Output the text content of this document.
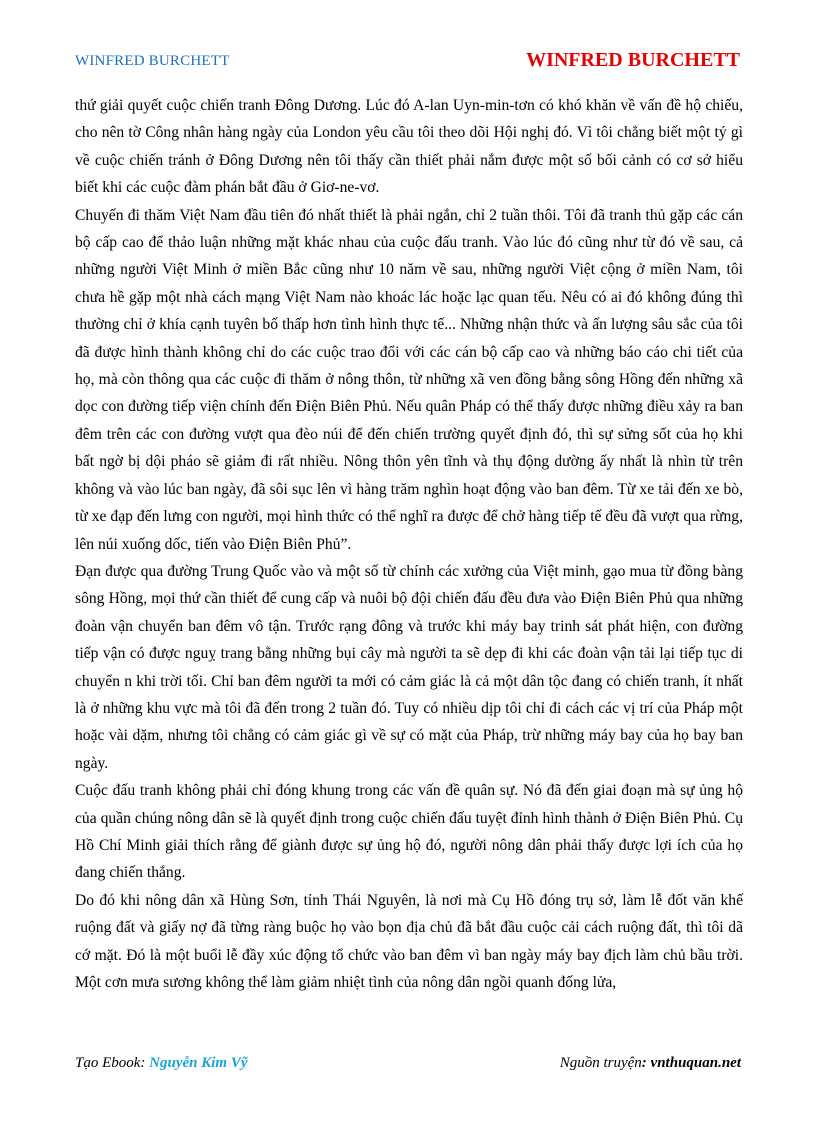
WINFRED BURCHETT	WINFRED BURCHETT

thứ giải quyết cuộc chiến tranh Đông Dương. Lúc đó A-lan Uyn-min-tơn có khó khăn về vấn đề hộ chiếu, cho nên tờ Công nhân hàng ngày của London yêu cầu tôi theo dõi Hội nghị đó. Vì tôi chẳng biết một tý gì về cuộc chiến tránh ở Đông Dương nên tôi thấy cần thiết phải nắm được một số bối cảnh có cơ sở hiểu biết khi các cuộc đàm phán bắt đầu ở Giơ-ne-vơ.

Chuyến đi thăm Việt Nam đầu tiên đó nhất thiết là phải ngắn, chỉ 2 tuần thôi. Tôi đã tranh thủ gặp các cán bộ cấp cao để thảo luận những mặt khác nhau của cuộc đấu tranh. Vào lúc đó cũng như từ đó về sau, cả những người Việt Minh ở miền Bắc cũng như 10 năm về sau, những người Việt cộng ở miền Nam, tôi chưa hề gặp một nhà cách mạng Việt Nam nào khoác lác hoặc lạc quan tếu. Nêu có ai đó không đúng thì thường chỉ ở khía cạnh tuyên bố thấp hơn tình hình thực tế... Những nhận thức và ấn lượng sâu sắc của tôi đã được hình thành không chỉ do các cuộc trao đổi với các cán bộ cấp cao và những báo cáo chi tiết của họ, mà còn thông qua các cuộc đi thăm ở nông thôn, từ những xã ven đồng bằng sông Hồng đến những xã dọc con đường tiếp viện chính đến Điện Biên Phủ. Nếu quân Pháp có thể thấy được những điều xảy ra ban đêm trên các con đường vượt qua đèo núi để đến chiến trường quyết định đó, thì sự sửng sốt của họ khi bất ngờ bị dội pháo sẽ giảm đi rất nhiều. Nông thôn yên tĩnh và thụ động dường ấy nhất là nhìn từ trên không và vào lúc ban ngày, đã sôi sục lên vì hàng trăm nghìn hoạt động vào ban đêm. Từ xe tải đến xe bò, từ xe đạp đến lưng con người, mọi hình thức có thể nghĩ ra được để chở hàng tiếp tế đều đã vượt qua rừng, lên núi xuống dốc, tiến vào Điện Biên Phủ”.

Đạn được qua đường Trung Quốc vào và một số từ chính các xưởng của Việt minh, gạo mua từ đồng bàng sông Hồng, mọi thứ cần thiết để cung cấp và nuôi bộ đội chiến đấu đều đưa vào Điện Biên Phủ qua những đoàn vận chuyển ban đêm vô tận. Trước rạng đông và trước khi máy bay trinh sát phát hiện, con đường tiếp vận có được nguỵ trang bằng những bụi cây mà người ta sẽ dẹp đi khi các đoàn vận tải lại tiếp tục di chuyển n khi trời tối. Chỉ ban đêm người ta mới có cảm giác là cả một dân tộc đang có chiến tranh, ít nhất là ở những khu vực mà tôi đã đến trong 2 tuần đó. Tuy có nhiều dịp tôi chỉ đi cách các vị trí của Pháp một hoặc vài dặm, nhưng tôi chẳng có cảm giác gì về sự có mặt của Pháp, trừ những máy bay của họ bay ban ngày.

Cuộc đấu tranh không phải chỉ đóng khung trong các vấn đề quân sự. Nó đã đến giai đoạn mà sự ủng hộ của quần chúng nông dân sẽ là quyết định trong cuộc chiến đấu tuyệt đỉnh hình thành ở Điện Biên Phủ. Cụ Hồ Chí Minh giải thích rằng để giành được sự ủng hộ đó, người nông dân phải thấy được lợi ích của họ đang chiến thắng.

Do đó khi nông dân xã Hùng Sơn, tỉnh Thái Nguyên, là nơi mà Cụ Hồ đóng trụ sở, làm lễ đốt văn khế ruộng đất và giấy nợ đã từng ràng buộc họ vào bọn địa chủ đã bắt đầu cuộc cải cách ruộng đất, thì tôi dã cớ mặt. Đó là một buổi lễ đầy xúc động tổ chức vào ban đêm vì ban ngày máy bay địch làm chủ bầu trời. Một cơn mưa sương không thể làm giảm nhiệt tình của nông dân ngồi quanh đống lửa,

Tạo Ebook: Nguyễn Kim Vỹ	Nguồn truyện: vnthuquan.net
